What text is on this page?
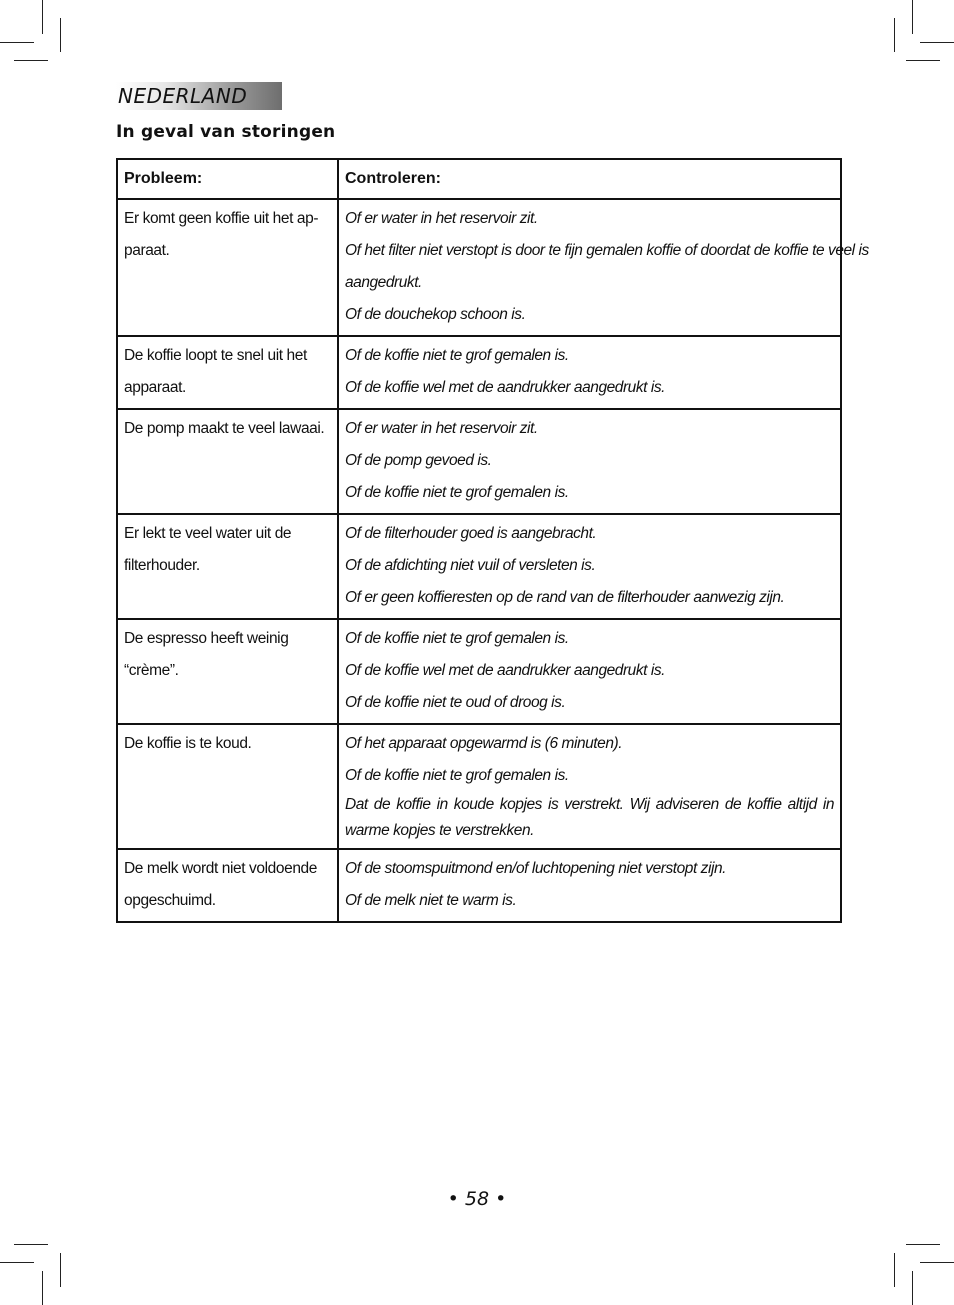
NEDERLAND
In geval van storingen
Probleem:	Controleren:

Er komt geen koffie uit het ap-
paraat.	Of er water in het reservoir zit.
Of het filter niet verstopt is door te fijn gemalen koffie of doordat de koffie te veel is
aangedrukt.
Of de douchekop schoon is.

De koffie loopt te snel uit het
apparaat.	Of de koffie niet te grof gemalen is.
Of de koffie wel met de aandrukker aangedrukt is.

De pomp maakt te veel lawaai.	Of er water in het reservoir zit.
Of de pomp gevoed is.
Of de koffie niet te grof gemalen is.

Er lekt te veel water uit de
filterhouder.	Of de filterhouder goed is aangebracht.
Of de afdichting niet vuil of versleten is.
Of er geen koffieresten op de rand van de filterhouder aanwezig zijn.

De espresso heeft weinig
“crème”.	Of de koffie niet te grof gemalen is.
Of de koffie wel met de aandrukker aangedrukt is.
Of de koffie niet te oud of droog is.

De koffie is te koud.	Of het apparaat opgewarmd is (6 minuten).
Of de koffie niet te grof gemalen is.
Dat de koffie in koude kopjes is verstrekt. Wij adviseren de koffie altijd in warme kopjes te verstrekken.

De melk wordt niet voldoende
opgeschuimd.	Of de stoomspuitmond en/of luchtopening niet verstopt zijn.
Of de melk niet te warm is.
• 58 •
